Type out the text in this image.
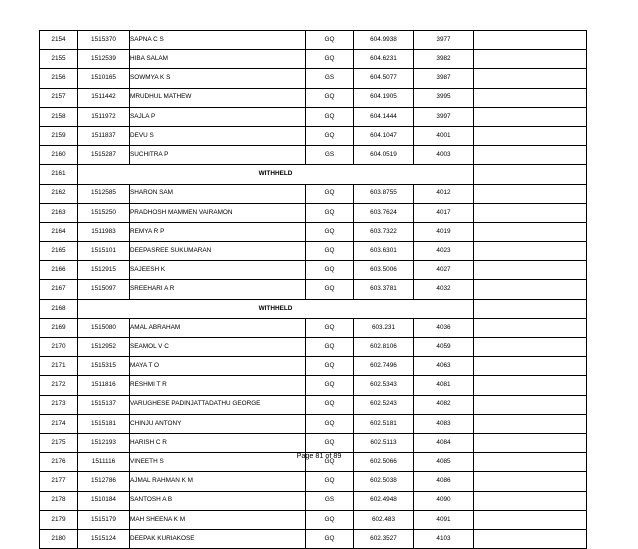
2154	1515370	SAPNA C S	GQ	604.9938	3977	
2155	1512539	HIBA SALAM	GQ	604.6231	3982	
2156	1510165	SOWMYA K S	GS	604.5077	3987	
2157	1511442	MRUDHUL MATHEW	GQ	604.1905	3995	
2158	1511972	SAJLA P	GQ	604.1444	3997	
2159	1511837	DEVU S	GQ	604.1047	4001	
2160	1515287	SUCHITRA P	GS	604.0519	4003	
2161	WITHHELD					
2162	1512585	SHARON SAM	GQ	603.8755	4012	
2163	1515250	PRADHOSH MAMMEN VAIRAMON	GQ	603.7624	4017	
2164	1511983	REMYA R P	GQ	603.7322	4019	
2165	1515101	DEEPASREE SUKUMARAN	GQ	603.6301	4023	
2166	1512915	SAJEESH K	GQ	603.5006	4027	
2167	1515097	SREEHARI A R	GQ	603.3781	4032	
2168	WITHHELD					
2169	1515080	AMAL ABRAHAM	GQ	603.231	4036	
2170	1512952	SEAMOL V C	GQ	602.8106	4059	
2171	1515315	MAYA T O	GQ	602.7496	4063	
2172	1511816	RESHMI T R	GQ	602.5343	4081	
2173	1515137	VARUGHESE PADINJATTADATHU GEORGE	GQ	602.5243	4082	
2174	1515181	CHINJU ANTONY	GQ	602.5181	4083	
2175	1512193	HARISH C R	GQ	602.5113	4084	
2176	1511116	VINEETH S	GQ	602.5066	4085	
2177	1512786	AJMAL RAHMAN K M	GQ	602.5038	4086	
2178	1510184	SANTOSH A B	GS	602.4948	4090	
2179	1515179	MAH SHEENA K M	GQ	602.483	4091	
2180	1515124	DEEPAK KURIAKOSE	GQ	602.3527	4103	
Page 81 of 89
